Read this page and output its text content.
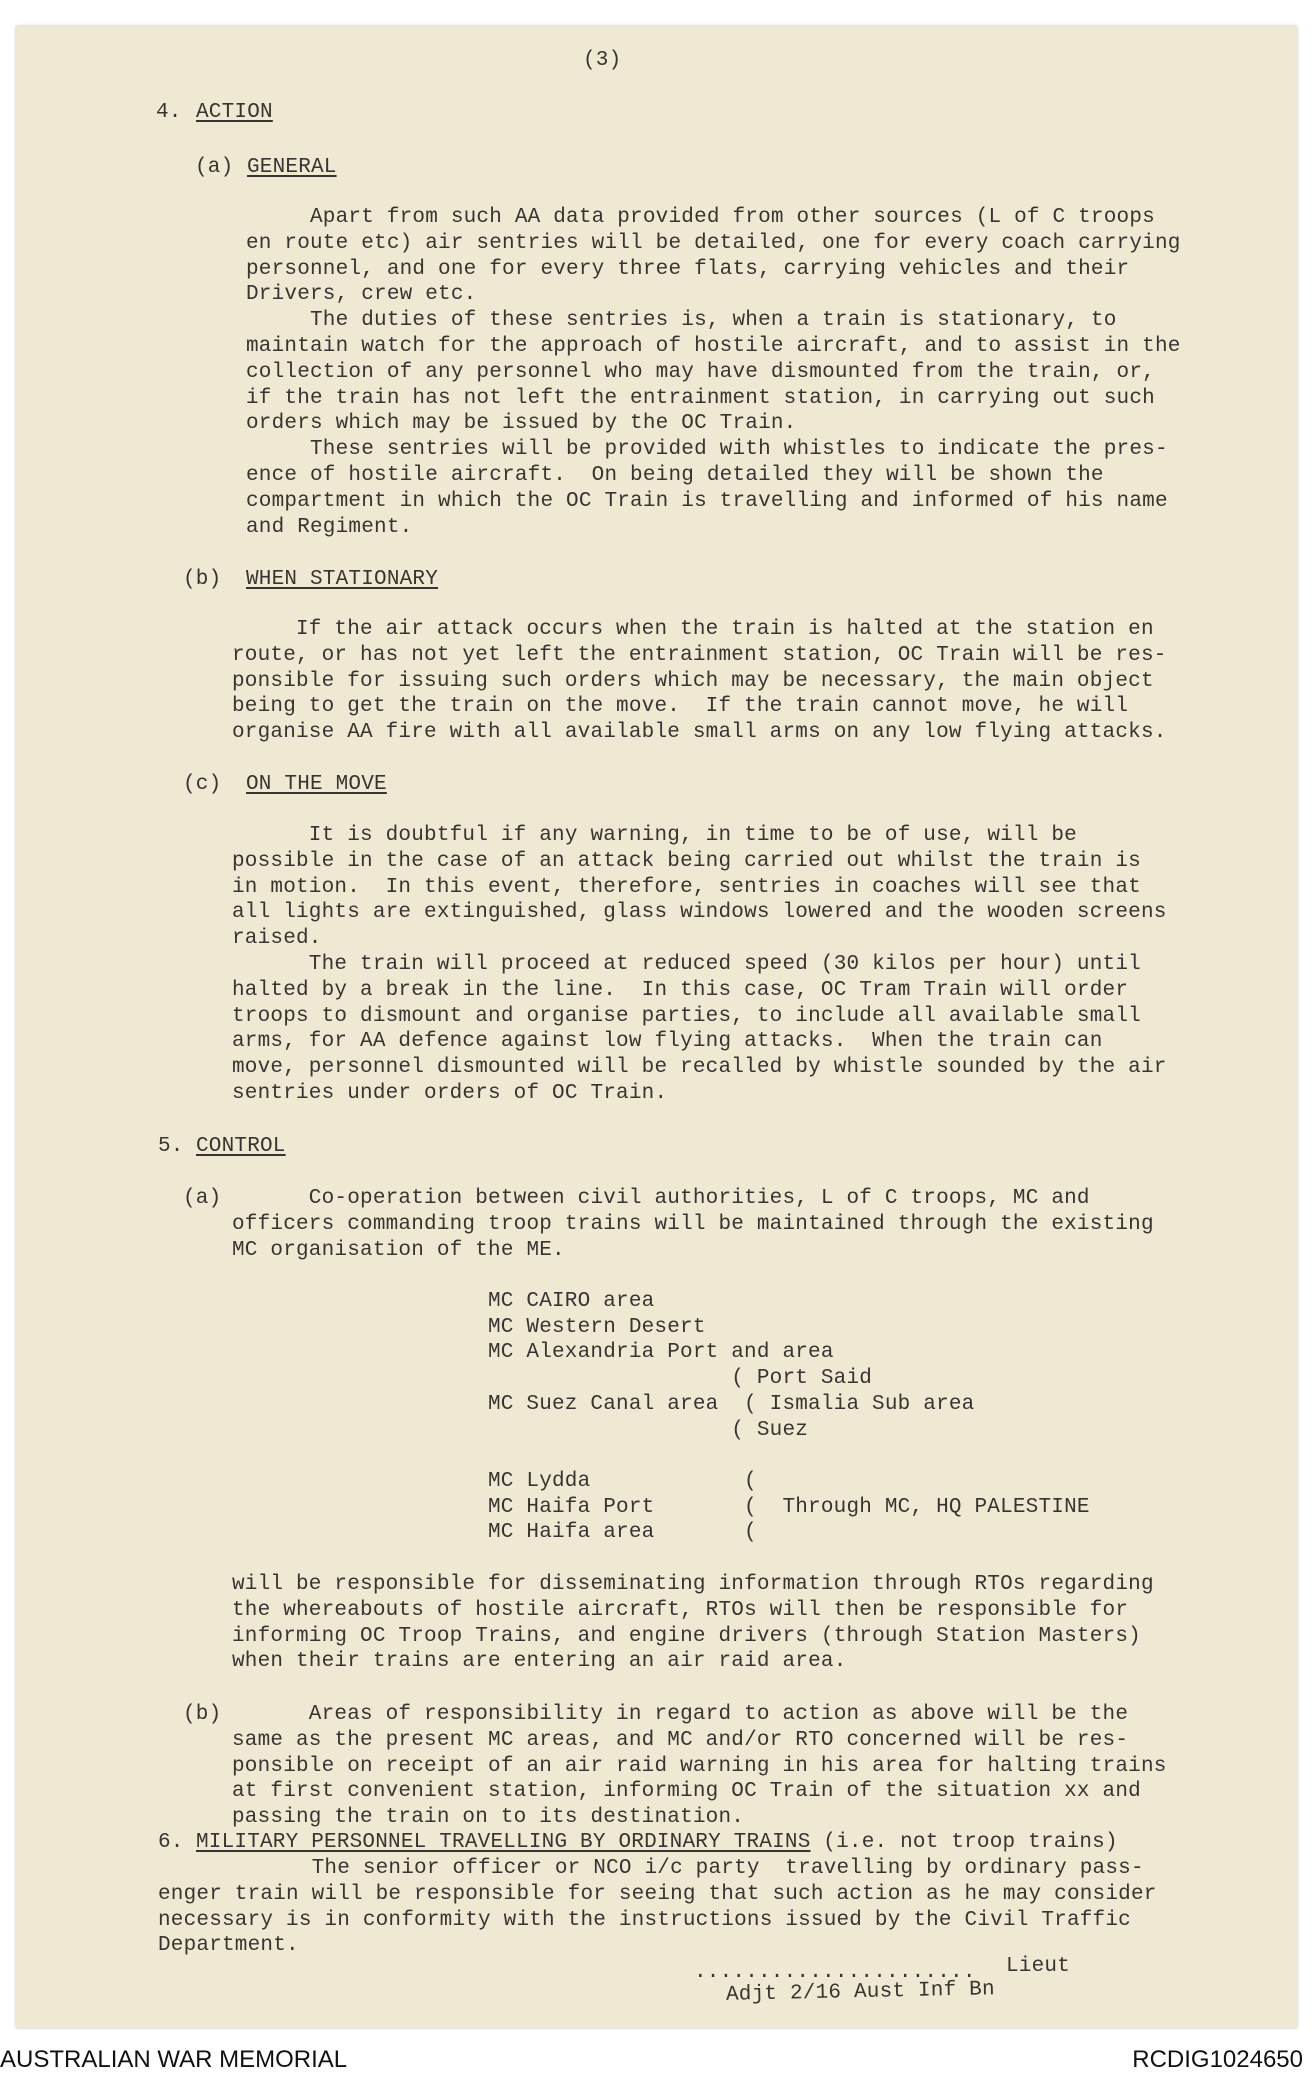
(3)
4. ACTION
(a) GENERAL
Apart from such AA data provided from other sources (L of C troops
en route etc) air sentries will be detailed, one for every coach carrying
personnel, and one for every three flats, carrying vehicles and their
Drivers, crew etc.
The duties of these sentries is, when a train is stationary, to
maintain watch for the approach of hostile aircraft, and to assist in the
collection of any personnel who may have dismounted from the train, or,
if the train has not left the entrainment station, in carrying out such
orders which may be issued by the OC Train.
These sentries will be provided with whistles to indicate the pres-
ence of hostile aircraft.  On being detailed they will be shown the
compartment in which the OC Train is travelling and informed of his name
and Regiment.
(b) WHEN STATIONARY
If the air attack occurs when the train is halted at the station en
route, or has not yet left the entrainment station, OC Train will be res-
ponsible for issuing such orders which may be necessary, the main object
being to get the train on the move.  If the train cannot move, he will
organise AA fire with all available small arms on any low flying attacks.
(c) ON THE MOVE
It is doubtful if any warning, in time to be of use, will be
possible in the case of an attack being carried out whilst the train is
in motion.  In this event, therefore, sentries in coaches will see that
all lights are extinguished, glass windows lowered and the wooden screens
raised.
The train will proceed at reduced speed (30 kilos per hour) until
halted by a break in the line.  In this case, OC Tram Train will order
troops to dismount and organise parties, to include all available small
arms, for AA defence against low flying attacks.  When the train can
move, personnel dismounted will be recalled by whistle sounded by the air
sentries under orders of OC Train.
5. CONTROL
(a) Co-operation between civil authorities, L of C troops, MC and
officers commanding troop trains will be maintained through the existing
MC organisation of the ME.
MC CAIRO area
MC Western Desert
MC Alexandria Port and area
( Port Said
MC Suez Canal area  ( Ismalia Sub area
( Suez
MC Lydda            (
MC Haifa Port       (  Through MC, HQ PALESTINE
MC Haifa area       (
will be responsible for disseminating information through RTOs regarding
the whereabouts of hostile aircraft, RTOs will then be responsible for
informing OC Troop Trains, and engine drivers (through Station Masters)
when their trains are entering an air raid area.
(b) Areas of responsibility in regard to action as above will be the
same as the present MC areas, and MC and/or RTO concerned will be res-
ponsible on receipt of an air raid warning in his area for halting trains
at first convenient station, informing OC Train of the situation xx and
passing the train on to its destination.
6. MILITARY PERSONNEL TRAVELLING BY ORDINARY TRAINS (i.e. not troop trains)
The senior officer or NCO i/c party  travelling by ordinary pass-
enger train will be responsible for seeing that such action as he may consider
necessary is in conformity with the instructions issued by the Civil Traffic
Department.
...................... Lieut
Adjt 2/16 Aust Inf Bn
AUSTRALIAN WAR MEMORIAL	RCDIG1024650
